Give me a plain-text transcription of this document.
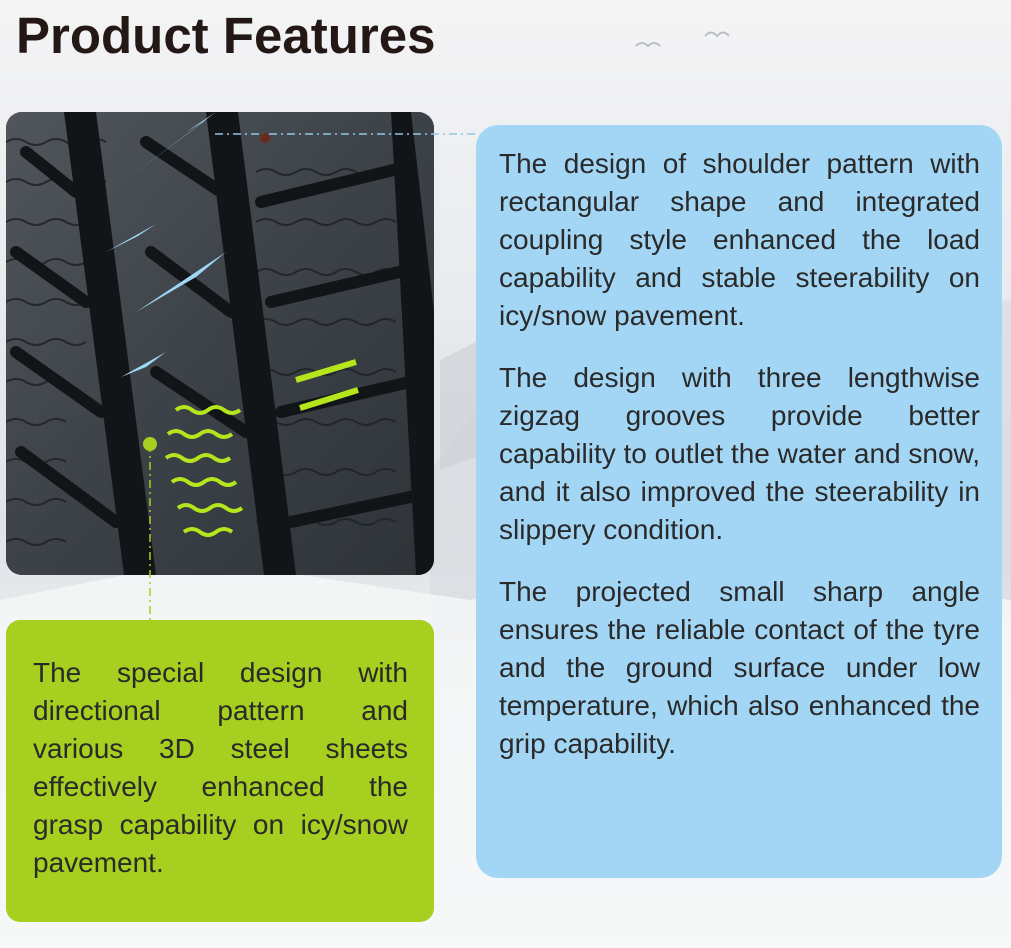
Product Features

The special design with directional pattern and various 3D steel sheets effectively enhanced the grasp capability on icy/snow pavement.

The design of shoulder pattern with rectangular shape and integrated coupling style enhanced the load capability and stable steerability on icy/snow pavement.

The design with three lengthwise zigzag grooves provide better capability to outlet the water and snow, and it also improved the steerability in slippery condition.

The projected small sharp angle ensures the reliable contact of the tyre and the ground surface under low temperature, which also enhanced the grip capability.
